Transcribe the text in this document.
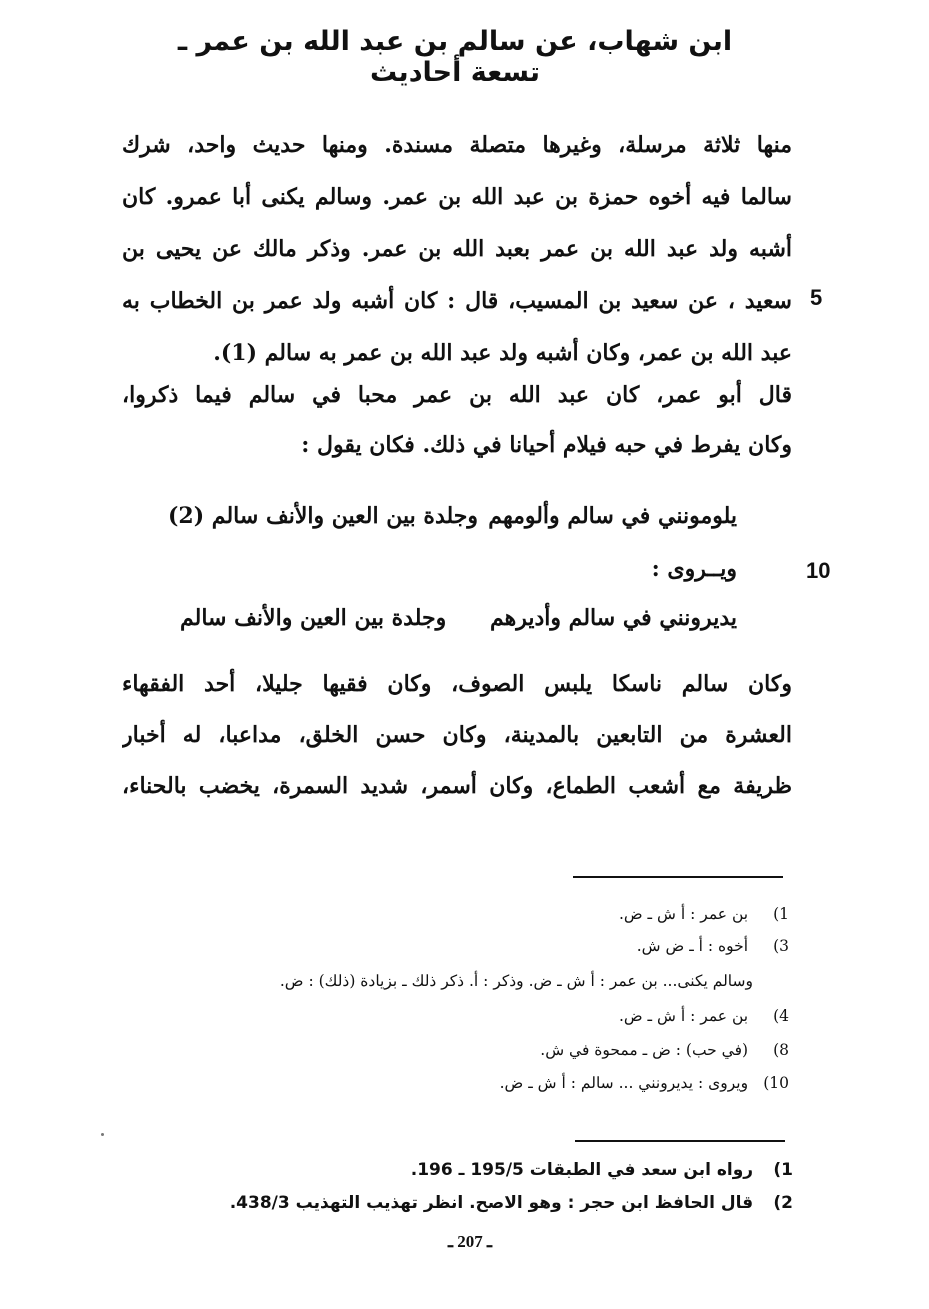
ابن شهاب، عن سالم بن عبد الله بن عمر ـ تسعة أحاديث
منها ثلاثة مرسلة، وغيرها متصلة مسندة. ومنها حديث واحد، شرك
سالما فيه أخوه حمزة بن عبد الله بن عمر. وسالم يكنى أبا عمرو. كان
أشبه ولد عبد الله بن عمر بعبد الله بن عمر. وذكر مالك عن يحيى بن
سعيد ، عن سعيد بن المسيب، قال : كان أشبه ولد عمر بن الخطاب به
عبد الله بن عمر، وكان أشبه ولد عبد الله بن عمر به سالم (1).
5
قال أبو عمر، كان عبد الله بن عمر محبا في سالم فيما ذكروا،
وكان يفرط في حبه فيلام أحيانا في ذلك. فكان يقول :
يلومونني في سالم وألومهم
وجلدة بين العين والأنف سالم (2)
ويــروى :	10
يديرونني في سالم وأديرهم
وجلدة بين العين والأنف سالم
وكان سالم ناسكا يلبس الصوف، وكان فقيها جليلا، أحد الفقهاء
العشرة من التابعين بالمدينة، وكان حسن الخلق، مداعبا، له أخبار
ظريفة مع أشعب الطماع، وكان أسمر، شديد السمرة، يخضب بالحناء،
1) بن عمر : أ ش ـ ض.
3) أخوه : أ ـ ض ش.
وسالم يكنى... بن عمر : أ ش ـ ض. وذكر : أ. ذكر ذلك ـ بزيادة (ذلك) : ض.
4) بن عمر : أ ش ـ ض.
8) (في حب) : ض ـ ممحوة في ش.
10) ويروى : يديرونني ... سالم : أ ش ـ ض.
1) رواه ابن سعد في الطبقات 195/5 ـ 196.
2) قال الحافظ ابن حجر : وهو الاصح. انظر تهذيب التهذيب 438/3.
ـ 207 ـ
